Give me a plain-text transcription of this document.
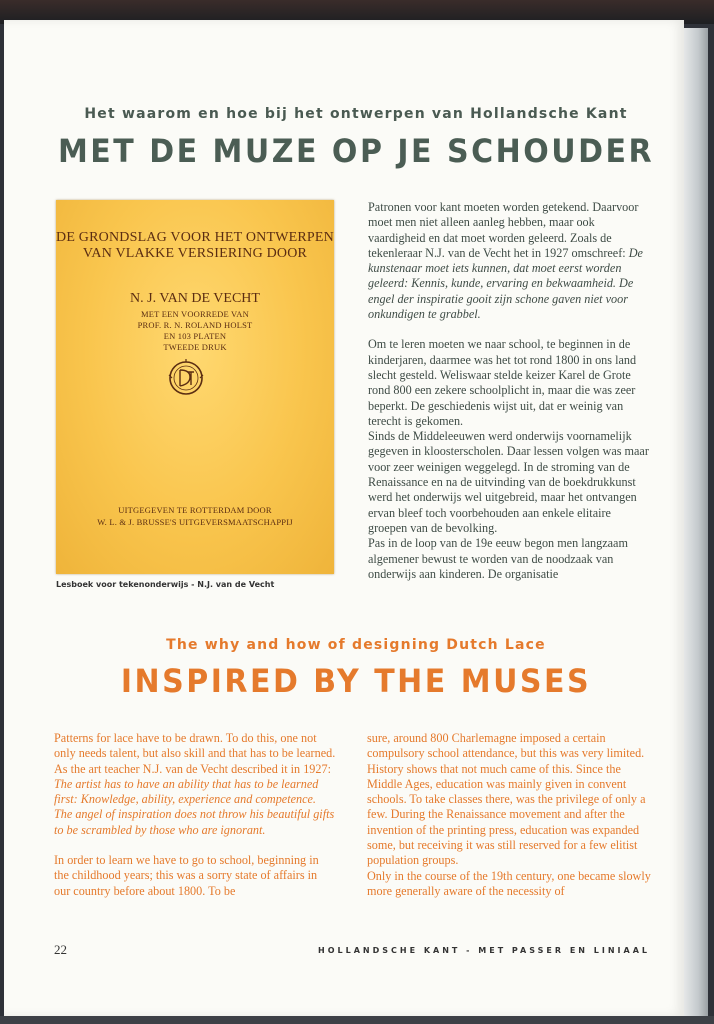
Het waarom en hoe bij het ontwerpen van Hollandsche Kant
MET DE MUZE OP JE SCHOUDER
DE GRONDSLAG VOOR HET ONTWERPEN VAN VLAKKE VERSIERING DOOR
N. J. VAN DE VECHT
MET EEN VOORREDE VAN
PROF. R. N. ROLAND HOLST
EN 103 PLATEN
TWEEDE DRUK
UITGEGEVEN TE ROTTERDAM DOOR
W. L. & J. BRUSSE'S UITGEVERSMAATSCHAPPIJ
Lesboek voor tekenonderwijs - N.J. van de Vecht

Patronen voor kant moeten worden getekend. Daarvoor moet men niet alleen aanleg hebben, maar ook vaardigheid en dat moet worden geleerd. Zoals de tekenleraar N.J. van de Vecht het in 1927 omschreef: De kunstenaar moet iets kunnen, dat moet eerst worden geleerd: Kennis, kunde, ervaring en bekwaamheid. De engel der inspiratie gooit zijn schone gaven niet voor onkundigen te grabbel.

Om te leren moeten we naar school, te beginnen in de kinderjaren, daarmee was het tot rond 1800 in ons land slecht gesteld. Weliswaar stelde keizer Karel de Grote rond 800 een zekere schoolplicht in, maar die was zeer beperkt. De geschiedenis wijst uit, dat er weinig van terecht is gekomen.

Sinds de Middeleeuwen werd onderwijs voornamelijk gegeven in kloosterscholen. Daar lessen volgen was maar voor zeer weinigen weggelegd. In de stroming van de Renaissance en na de uitvinding van de boekdrukkunst werd het onderwijs wel uitgebreid, maar het ontvangen ervan bleef toch voorbehouden aan enkele elitaire groepen van de bevolking.

Pas in de loop van de 19e eeuw begon men langzaam algemener bewust te worden van de noodzaak van onderwijs aan kinderen. De organisatie

The why and how of designing Dutch Lace
INSPIRED BY THE MUSES

Patterns for lace have to be drawn. To do this, one not only needs talent, but also skill and that has to be learned. As the art teacher N.J. van de Vecht described it in 1927: The artist has to have an ability that has to be learned first: Knowledge, ability, experience and competence. The angel of inspiration does not throw his beautiful gifts to be scrambled by those who are ignorant.

In order to learn we have to go to school, beginning in the childhood years; this was a sorry state of affairs in our country before about 1800. To be

sure, around 800 Charlemagne imposed a certain compulsory school attendance, but this was very limited. History shows that not much came of this. Since the Middle Ages, education was mainly given in convent schools. To take classes there, was the privilege of only a few. During the Renaissance movement and after the invention of the printing press, education was expanded some, but receiving it was still reserved for a few elitist population groups.

Only in the course of the 19th century, one became slowly more generally aware of the necessity of

22	HOLLANDSCHE KANT - MET PASSER EN LINIAAL
